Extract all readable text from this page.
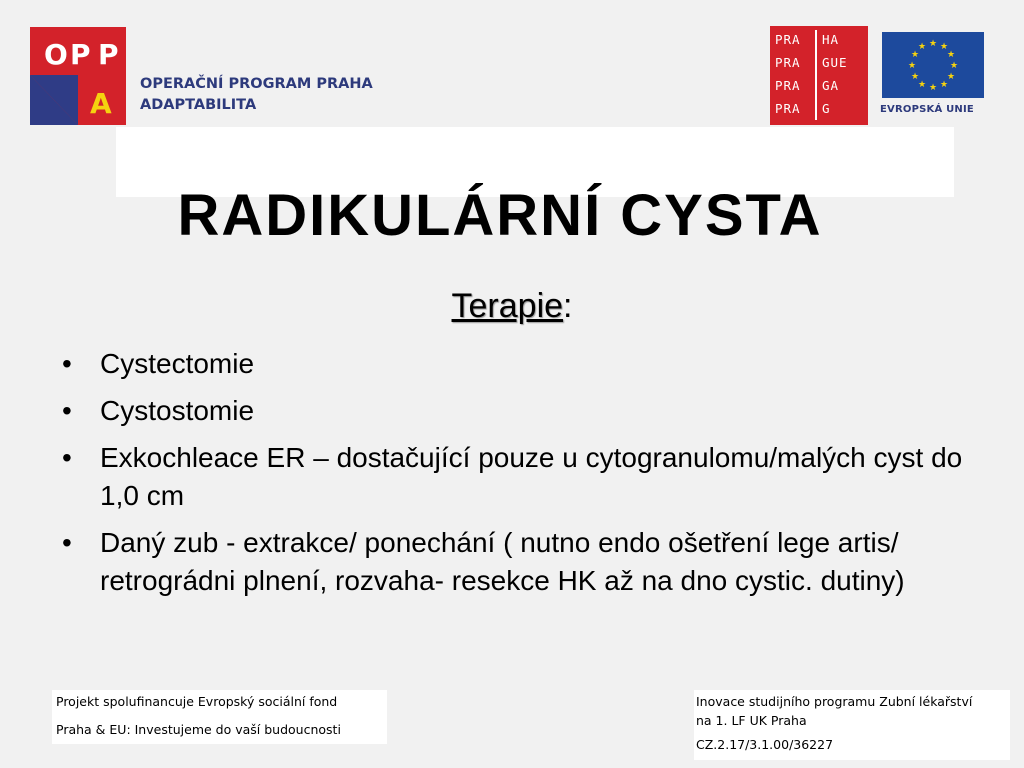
O P P
A
OPERAČNÍ PROGRAM PRAHA
ADAPTABILITA
PRA
PRA
PRA
PRA
HA
GUE
GA
G
★ ★
★
★
★
★
★
★
★
★
★
★
EVROPSKÁ UNIE
RADIKULÁRNÍ CYSTA
Terapie:
• Cystectomie
• Cystostomie
• Exkochleace ER – dostačující pouze u cytogranulomu/malých cyst do 1,0 cm
• Daný zub - extrakce/ ponechání ( nutno endo ošetření lege artis/ retrográdni plnení, rozvaha- resekce HK až na dno cystic. dutiny)
Projekt spolufinancuje Evropský sociální fond
Praha & EU: Investujeme do vaší budoucnosti
Inovace studijního programu Zubní lékařství
na 1. LF UK Praha
CZ.2.17/3.1.00/36227
